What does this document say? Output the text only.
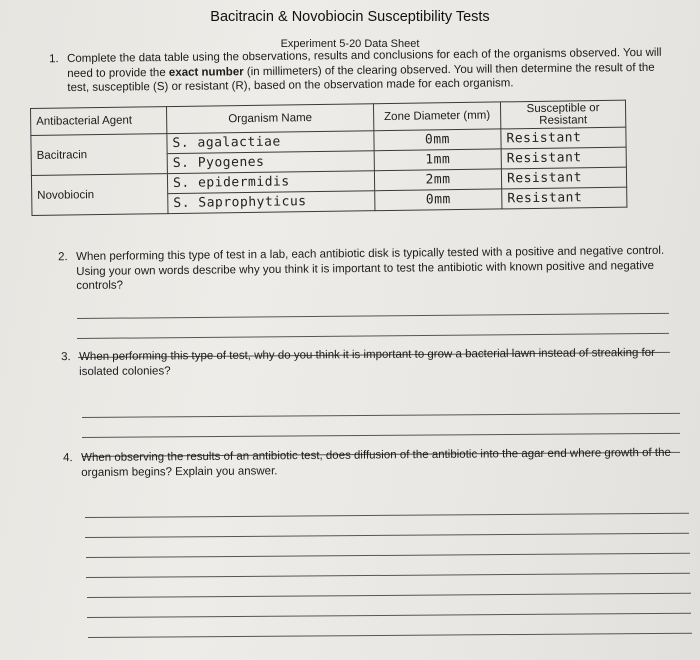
Bacitracin & Novobiocin Susceptibility Tests
Experiment 5-20 Data Sheet
1. Complete the data table using the observations, results and conclusions for each of the organisms observed. You will need to provide the exact number (in millimeters) of the clearing observed. You will then determine the result of the test, susceptible (S) or resistant (R), based on the observation made for each organism.

Antibacterial Agent	Organism Name	Zone Diameter (mm)	Susceptible or Resistant
Bacitracin	S. agalactiae	0mm	Resistant
	S. Pyogenes	1mm	Resistant
Novobiocin	S. epidermidis	2mm	Resistant
	S. Saprophyticus	0mm	Resistant
2. When performing this type of test in a lab, each antibiotic disk is typically tested with a positive and negative control. Using your own words describe why you think it is important to test the antibiotic with known positive and negative controls?

3. When performing this type of test, why do you think it is important to grow a bacterial lawn instead of streaking for isolated colonies?

4. When observing the results of an antibiotic test, does diffusion of the antibiotic into the agar end where growth of the organism begins? Explain you answer.
